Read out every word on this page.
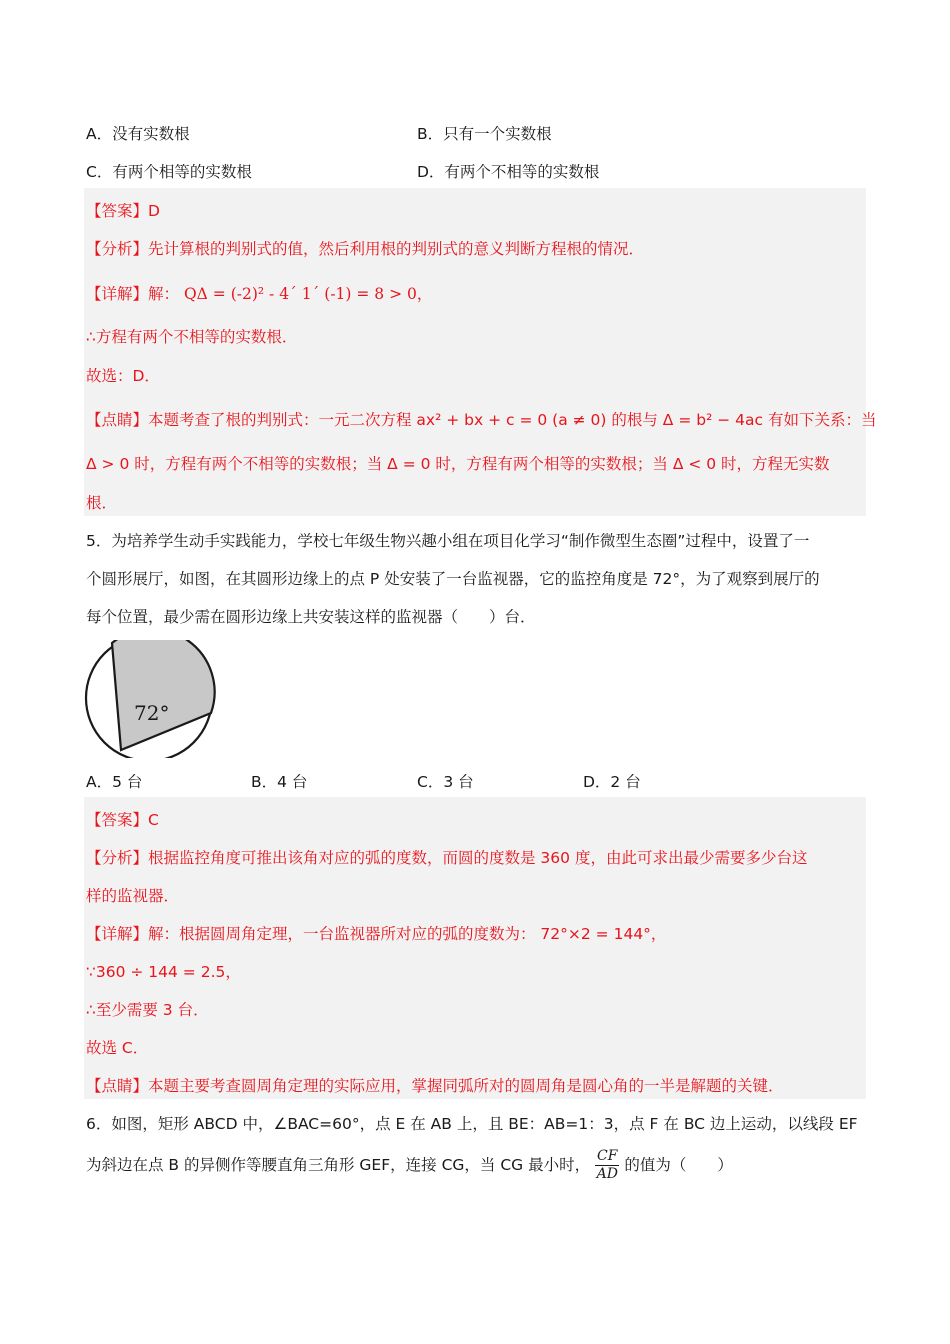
A．没有实数根	B．只有一个实数根
C．有两个相等的实数根	D．有两个不相等的实数根
【答案】D
【分析】先计算根的判别式的值，然后利用根的判别式的意义判断方程根的情况．
【详解】解： QΔ = (-2)² - 4´ 1´ (-1) = 8 > 0，
∴方程有两个不相等的实数根．
故选：D．
【点睛】本题考查了根的判别式：一元二次方程 ax² + bx + c = 0 (a ≠ 0) 的根与 Δ = b² − 4ac 有如下关系：当
Δ > 0 时，方程有两个不相等的实数根；当 Δ = 0 时，方程有两个相等的实数根；当 Δ < 0 时，方程无实数
根．
5．为培养学生动手实践能力，学校七年级生物兴趣小组在项目化学习“制作微型生态圈”过程中，设置了一
个圆形展厅，如图，在其圆形边缘上的点 P 处安装了一台监视器，它的监控角度是 72°，为了观察到展厅的
每个位置，最少需在圆形边缘上共安装这样的监视器（　　）台．
72°
A．5 台	B．4 台	C．3 台	D．2 台
【答案】C
【分析】根据监控角度可推出该角对应的弧的度数，而圆的度数是 360 度，由此可求出最少需要多少台这
样的监视器．
【详解】解：根据圆周角定理，一台监视器所对应的弧的度数为： 72°×2 = 144°，
∵360 ÷ 144 = 2.5，
∴至少需要 3 台．
故选 C．
【点睛】本题主要考查圆周角定理的实际应用，掌握同弧所对的圆周角是圆心角的一半是解题的关键．
6．如图，矩形 ABCD 中，∠BAC=60°，点 E 在 AB 上，且 BE：AB=1：3，点 F 在 BC 边上运动，以线段 EF
为斜边在点 B 的异侧作等腰直角三角形 GEF，连接 CG，当 CG 最小时， $\frac{CF}{AD}$ 的值为（　　）
